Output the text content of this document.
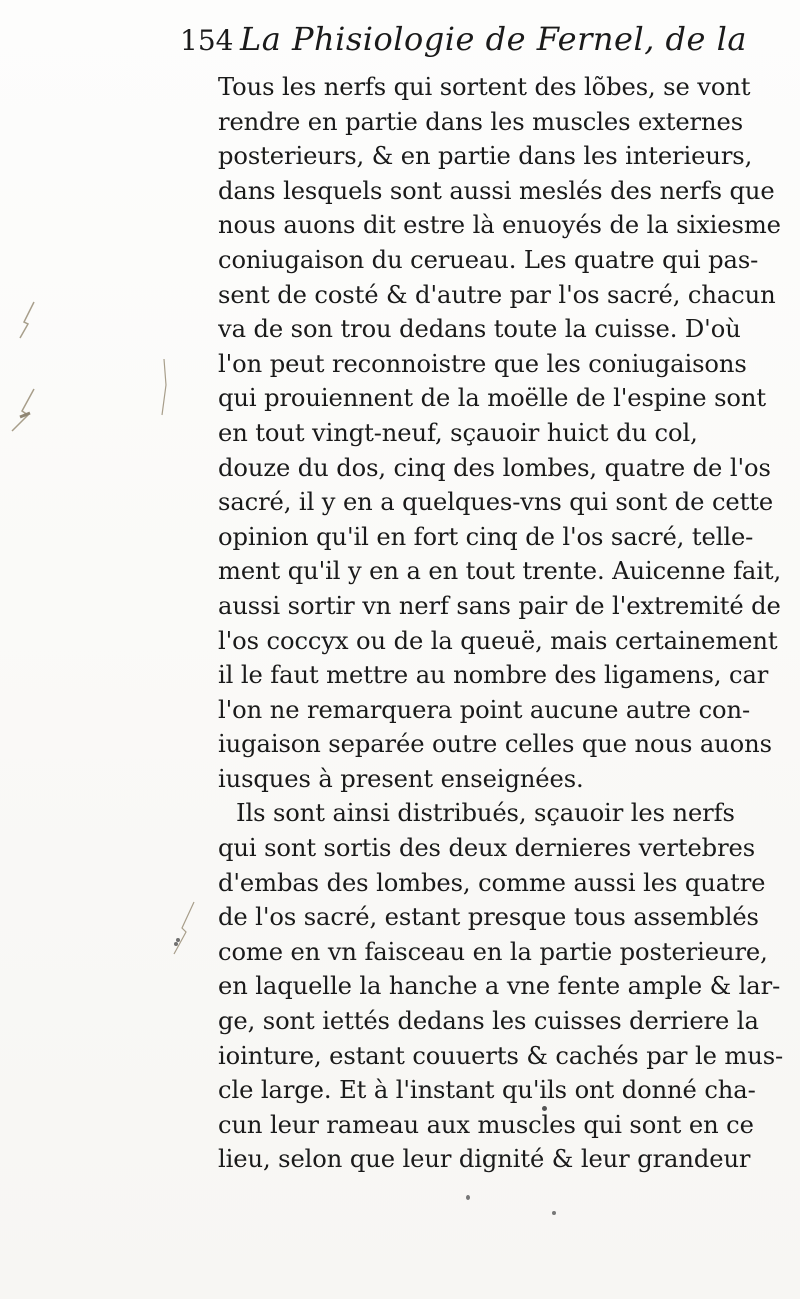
154 La Phisiologie de Fernel, de la
Tous les nerfs qui sortent des lõbes, se vont
rendre en partie dans les muscles externes
posterieurs, & en partie dans les interieurs,
dans lesquels sont aussi meslés des nerfs que
nous auons dit estre là enuoyés de la sixiesme
coniugaison du cerueau. Les quatre qui pas-
sent de costé & d'autre par l'os sacré, chacun
va de son trou dedans toute la cuisse. D'où
l'on peut reconnoistre que les coniugaisons
qui prouiennent de la moëlle de l'espine sont
en tout vingt-neuf, sçauoir huict du col,
douze du dos, cinq des lombes, quatre de l'os
sacré, il y en a quelques-vns qui sont de cette
opinion qu'il en fort cinq de l'os sacré, telle-
ment qu'il y en a en tout trente. Auicenne fait,
aussi sortir vn nerf sans pair de l'extremité de
l'os coccyx ou de la queuë, mais certainement
il le faut mettre au nombre des ligamens, car
l'on ne remarquera point aucune autre con-
iugaison separée outre celles que nous auons
iusques à present enseignées.
Ils sont ainsi distribués, sçauoir les nerfs
qui sont sortis des deux dernieres vertebres
d'embas des lombes, comme aussi les quatre
de l'os sacré, estant presque tous assemblés
come en vn faisceau en la partie posterieure,
en laquelle la hanche a vne fente ample & lar-
ge, sont iettés dedans les cuisses derriere la
iointure, estant couuerts & cachés par le mus-
cle large. Et à l'instant qu'ils ont donné cha-
cun leur rameau aux muscles qui sont en ce
lieu, selon que leur dignité & leur grandeur
